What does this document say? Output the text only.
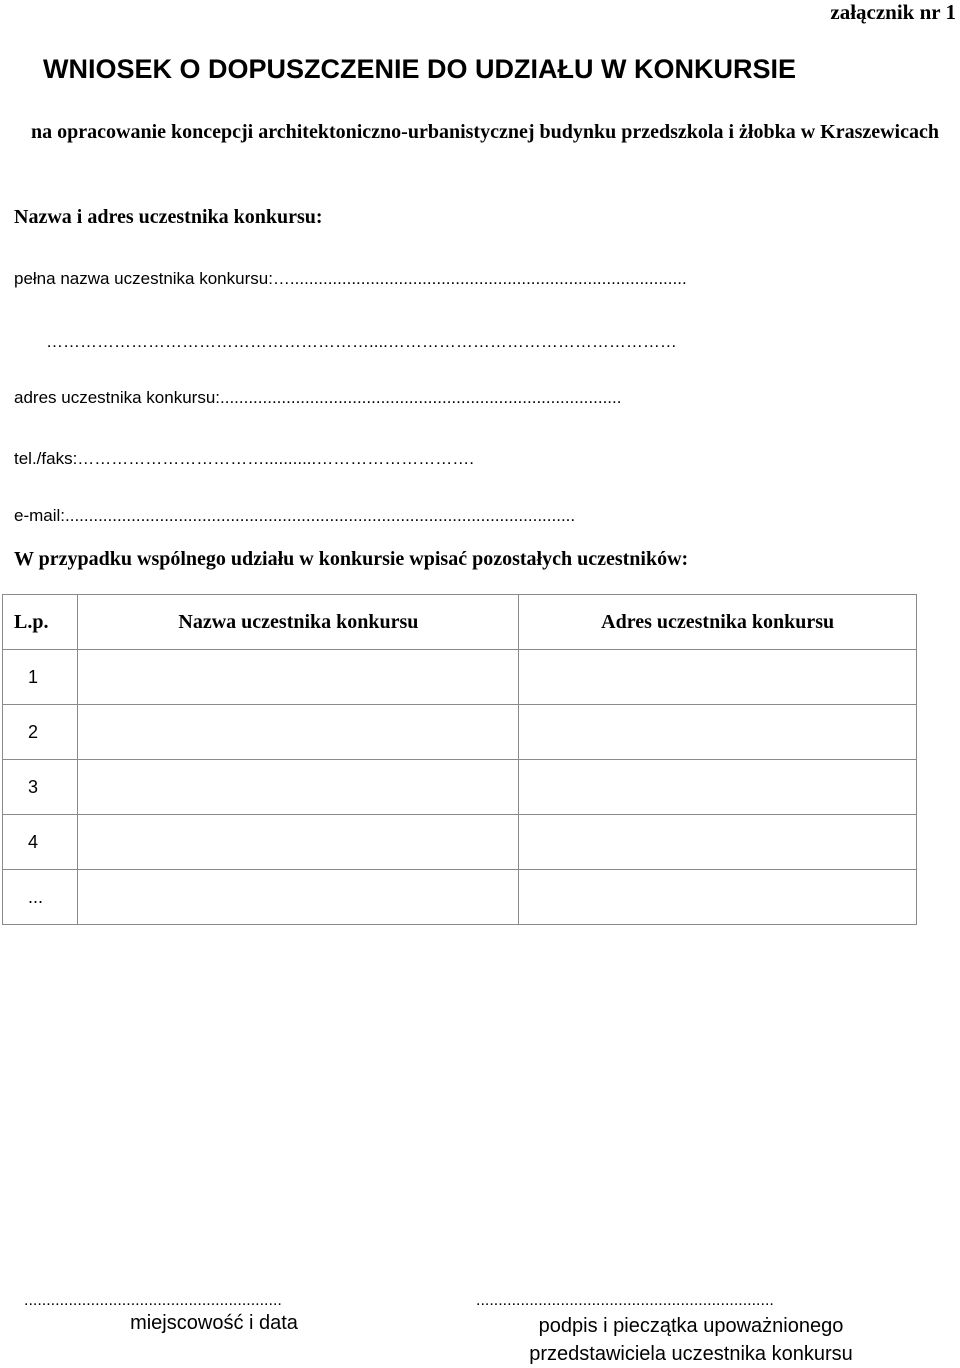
załącznik nr 1
WNIOSEK O DOPUSZCZENIE DO UDZIAŁU W KONKURSIE
na opracowanie koncepcji architektoniczno-urbanistycznej budynku przedszkola i żłobka w Kraszewicach
Nazwa i adres uczestnika konkursu:
pełna nazwa uczestnika konkursu:…....................................................................................
…………………………………………………....……………………………………………
adres uczestnika konkursu:.....................................................................................
tel./faks:……………………………...........……………………….
e-mail:............................................................................................................
W przypadku wspólnego udziału w konkursie wpisać pozostałych uczestników:
L.p.	Nazwa uczestnika konkursu	Adres uczestnika konkursu
1		
2		
3		
4		
...		
..........................................................	...................................................................
miejscowość i data	podpis i pieczątka upoważnionego przedstawiciela uczestnika konkursu
